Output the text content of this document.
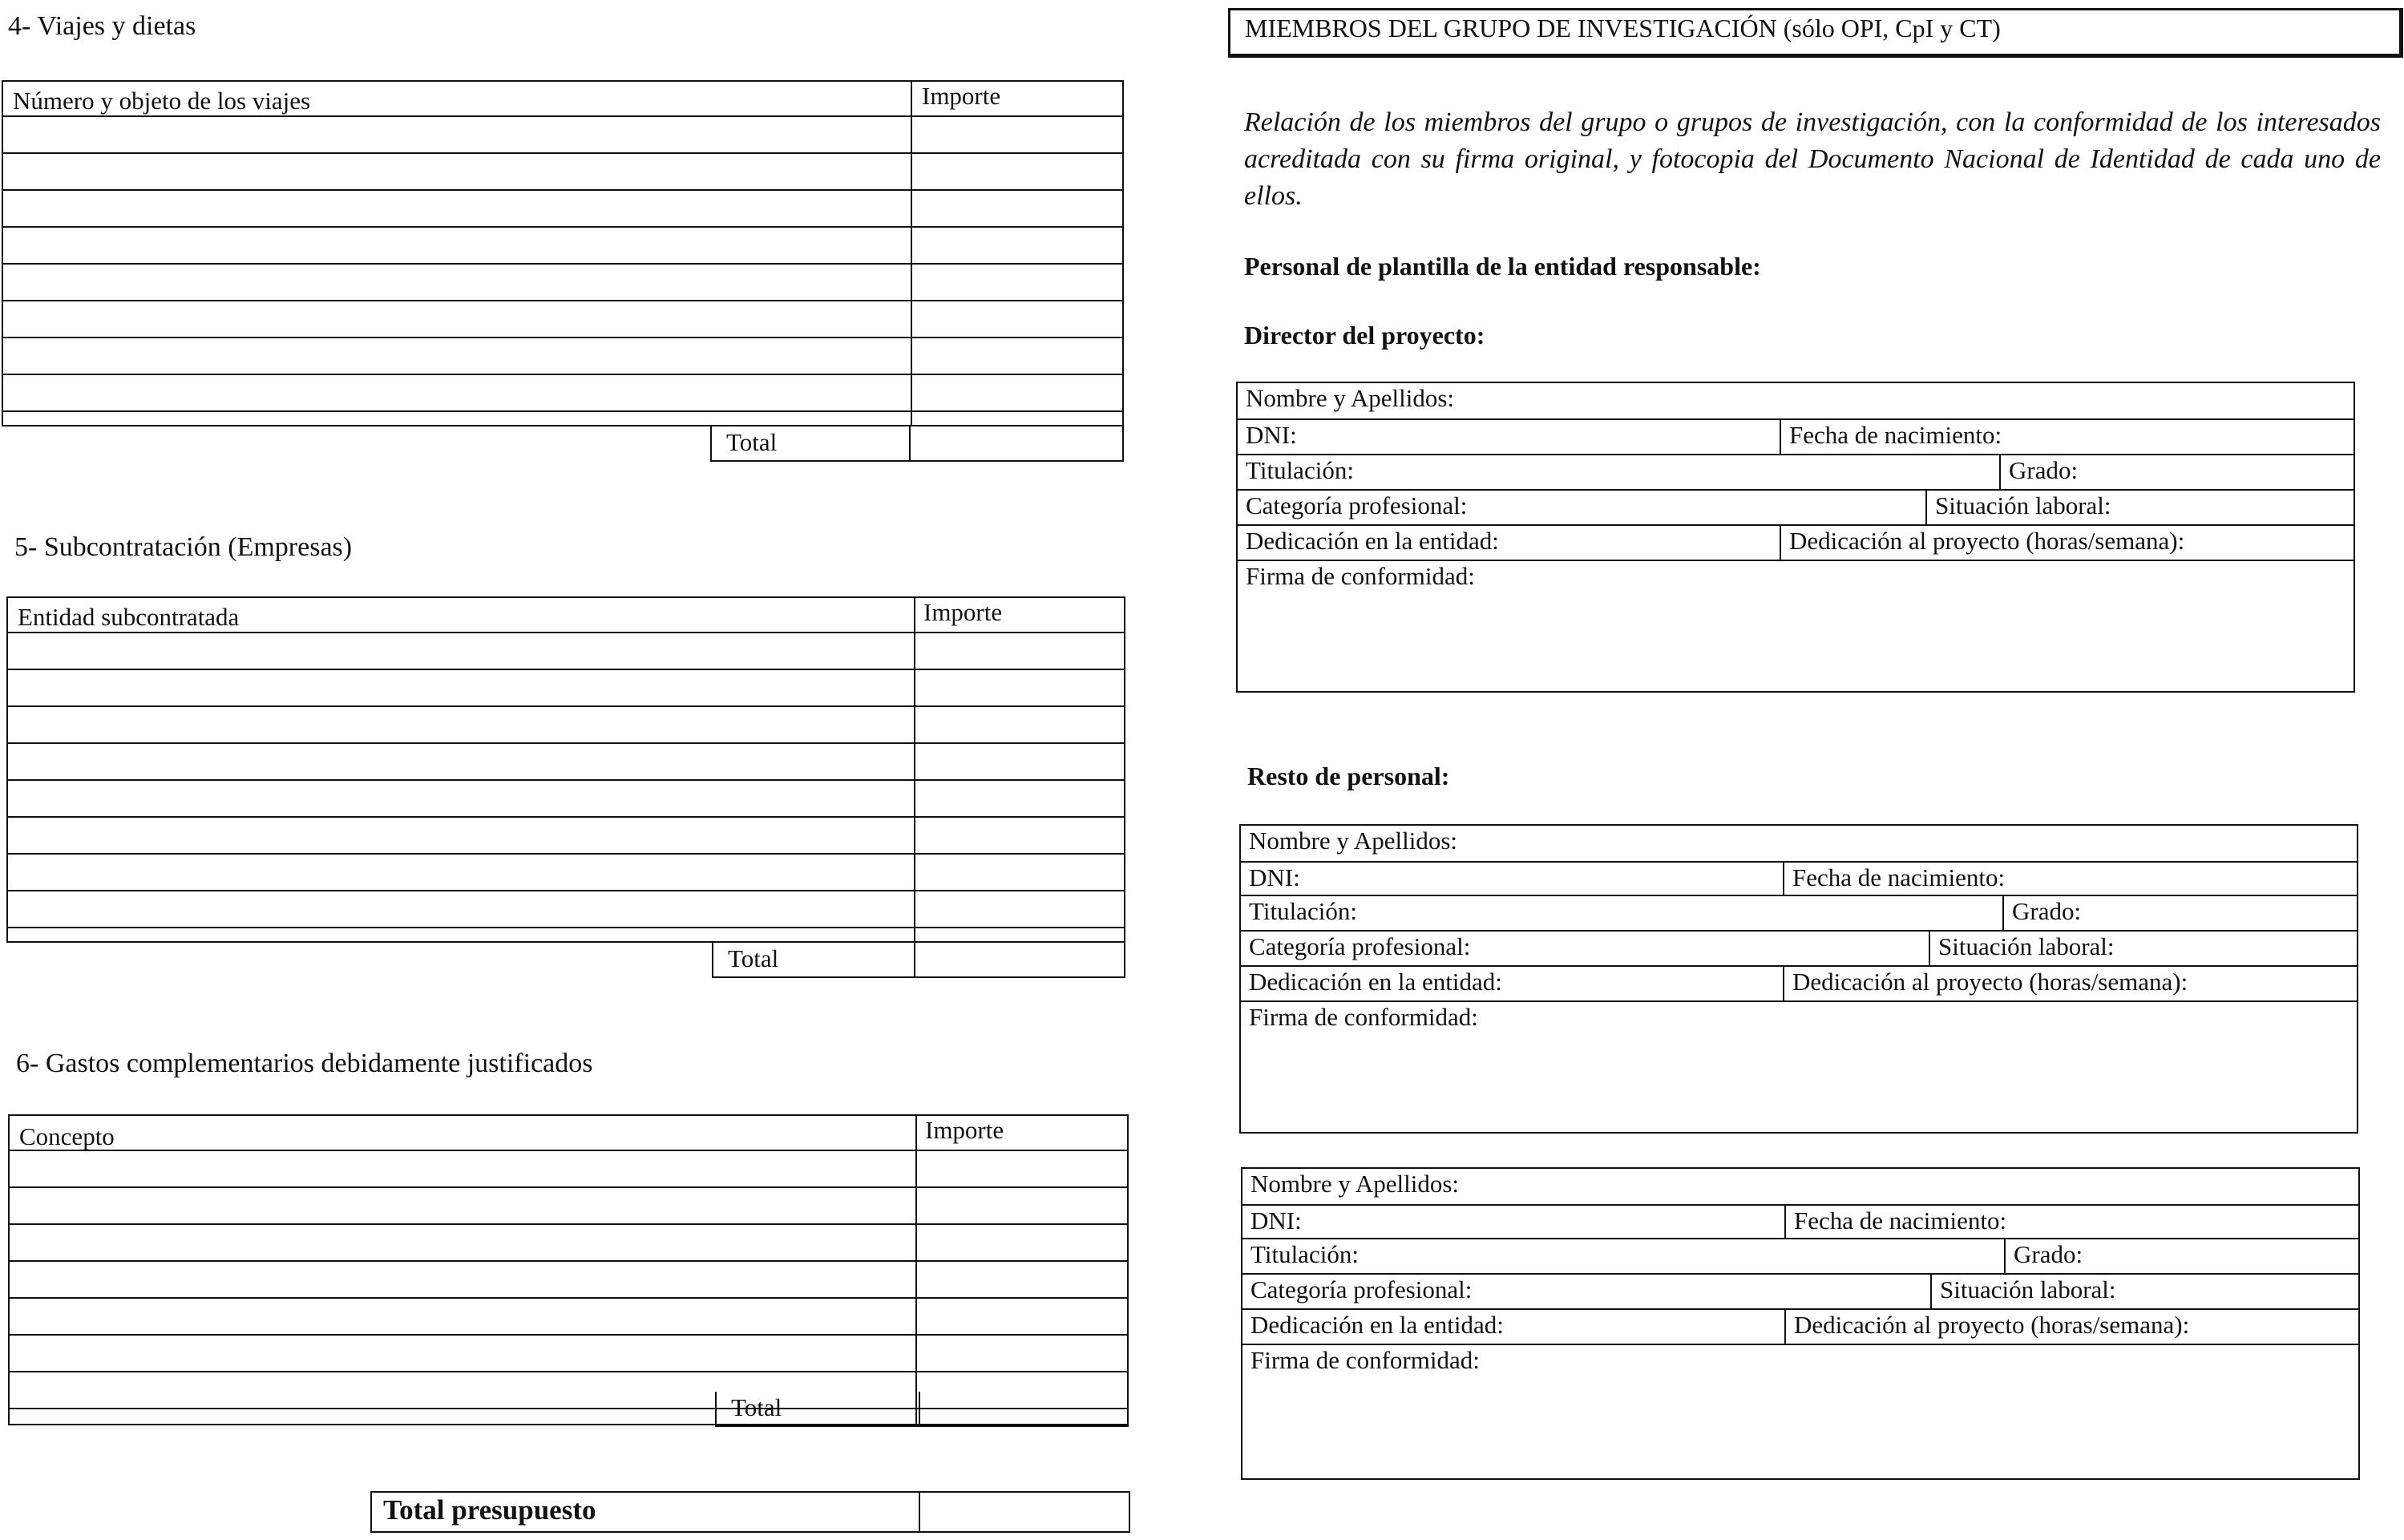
4- Viajes y dietas
Número y objeto de los viajes	Importe
Total
5- Subcontratación (Empresas)
Entidad subcontratada	Importe
Total
6- Gastos complementarios debidamente justificados
Concepto	Importe
Total
Total presupuesto
MIEMBROS DEL GRUPO DE INVESTIGACIÓN (sólo OPI, CpI y CT)
Relación de los miembros del grupo o grupos de investigación, con la conformidad de los interesados acreditada con su firma original, y fotocopia del Documento Nacional de Identidad de cada uno de ellos.
Personal de plantilla de la entidad responsable:
Director del proyecto:
Nombre y Apellidos:
DNI:	Fecha de nacimiento:
Titulación:	Grado:
Categoría profesional:	Situación laboral:
Dedicación en la entidad:	Dedicación al proyecto (horas/semana):
Firma de conformidad:
Resto de personal:
Nombre y Apellidos:
DNI:	Fecha de nacimiento:
Titulación:	Grado:
Categoría profesional:	Situación laboral:
Dedicación en la entidad:	Dedicación al proyecto (horas/semana):
Firma de conformidad:
Nombre y Apellidos:
DNI:	Fecha de nacimiento:
Titulación:	Grado:
Categoría profesional:	Situación laboral:
Dedicación en la entidad:	Dedicación al proyecto (horas/semana):
Firma de conformidad:
